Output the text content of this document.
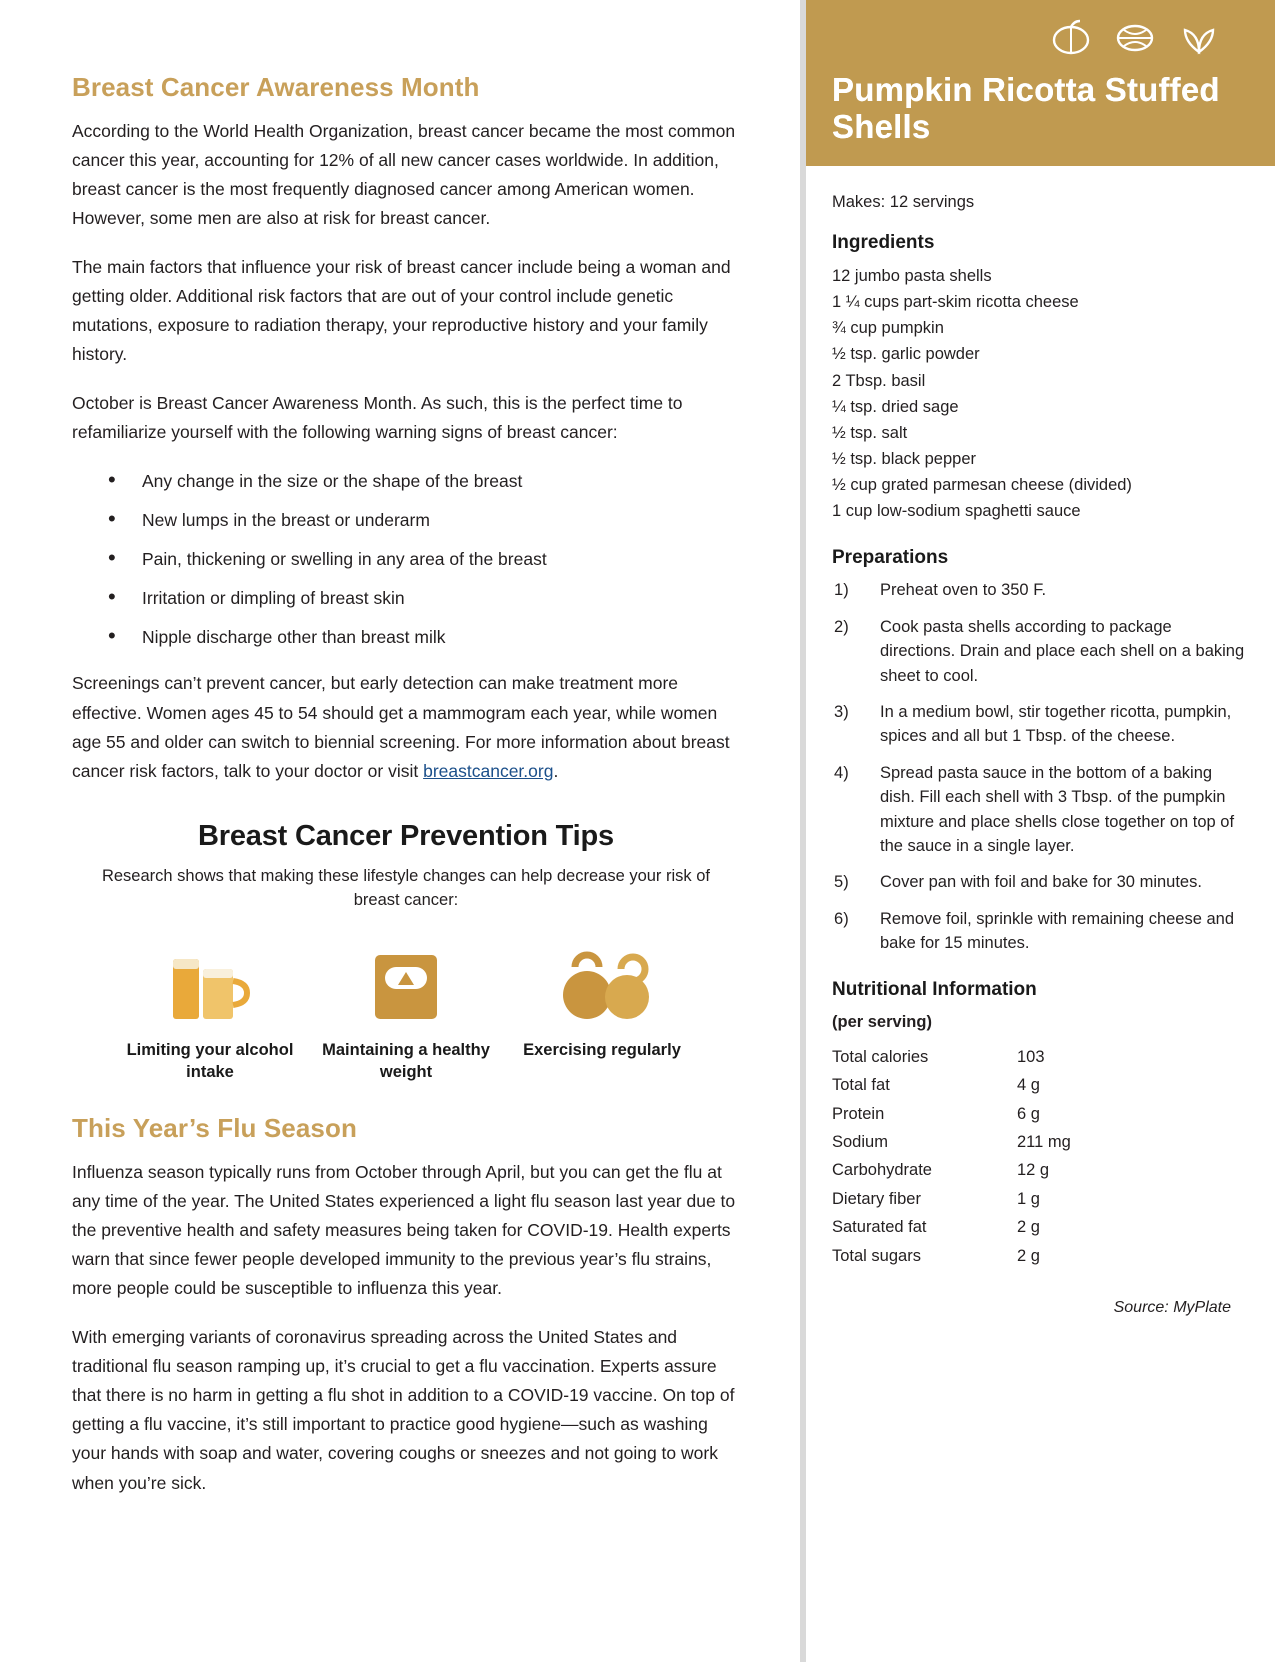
Breast Cancer Awareness Month

According to the World Health Organization, breast cancer became the most common cancer this year, accounting for 12% of all new cancer cases worldwide. In addition, breast cancer is the most frequently diagnosed cancer among American women. However, some men are also at risk for breast cancer.

The main factors that influence your risk of breast cancer include being a woman and getting older. Additional risk factors that are out of your control include genetic mutations, exposure to radiation therapy, your reproductive history and your family history.

October is Breast Cancer Awareness Month. As such, this is the perfect time to refamiliarize yourself with the following warning signs of breast cancer:

• Any change in the size or the shape of the breast
• New lumps in the breast or underarm
• Pain, thickening or swelling in any area of the breast
• Irritation or dimpling of breast skin
• Nipple discharge other than breast milk

Screenings can’t prevent cancer, but early detection can make treatment more effective. Women ages 45 to 54 should get a mammogram each year, while women age 55 and older can switch to biennial screening. For more information about breast cancer risk factors, talk to your doctor or visit breastcancer.org.

Breast Cancer Prevention Tips
Research shows that making these lifestyle changes can help decrease your risk of breast cancer:
Limiting your alcohol intake
Maintaining a healthy weight
Exercising regularly
This Year’s Flu Season

Influenza season typically runs from October through April, but you can get the flu at any time of the year. The United States experienced a light flu season last year due to the preventive health and safety measures being taken for COVID-19. Health experts warn that since fewer people developed immunity to the previous year’s flu strains, more people could be susceptible to influenza this year.

With emerging variants of coronavirus spreading across the United States and traditional flu season ramping up, it’s crucial to get a flu vaccination. Experts assure that there is no harm in getting a flu shot in addition to a COVID-19 vaccine. On top of getting a flu vaccine, it’s still important to practice good hygiene—such as washing your hands with soap and water, covering coughs or sneezes and not going to work when you’re sick.

Pumpkin Ricotta Stuffed Shells

Makes: 12 servings

Ingredients
12 jumbo pasta shells
1 ¼ cups part-skim ricotta cheese
¾ cup pumpkin
½ tsp. garlic powder
2 Tbsp. basil
¼ tsp. dried sage
½ tsp. salt
½ tsp. black pepper
½ cup grated parmesan cheese (divided)
1 cup low-sodium spaghetti sauce
Preparations
Preheat oven to 350 F.
Cook pasta shells according to package directions. Drain and place each shell on a baking sheet to cool.
In a medium bowl, stir together ricotta, pumpkin, spices and all but 1 Tbsp. of the cheese.
Spread pasta sauce in the bottom of a baking dish. Fill each shell with 3 Tbsp. of the pumpkin mixture and place shells close together on top of the sauce in a single layer.
Cover pan with foil and bake for 30 minutes.
Remove foil, sprinkle with remaining cheese and bake for 15 minutes.
Nutritional Information
(per serving)
Total calories	103
Total fat	4 g
Protein	6 g
Sodium	211 mg
Carbohydrate	12 g
Dietary fiber	1 g
Saturated fat	2 g
Total sugars	2 g
Source: MyPlate
